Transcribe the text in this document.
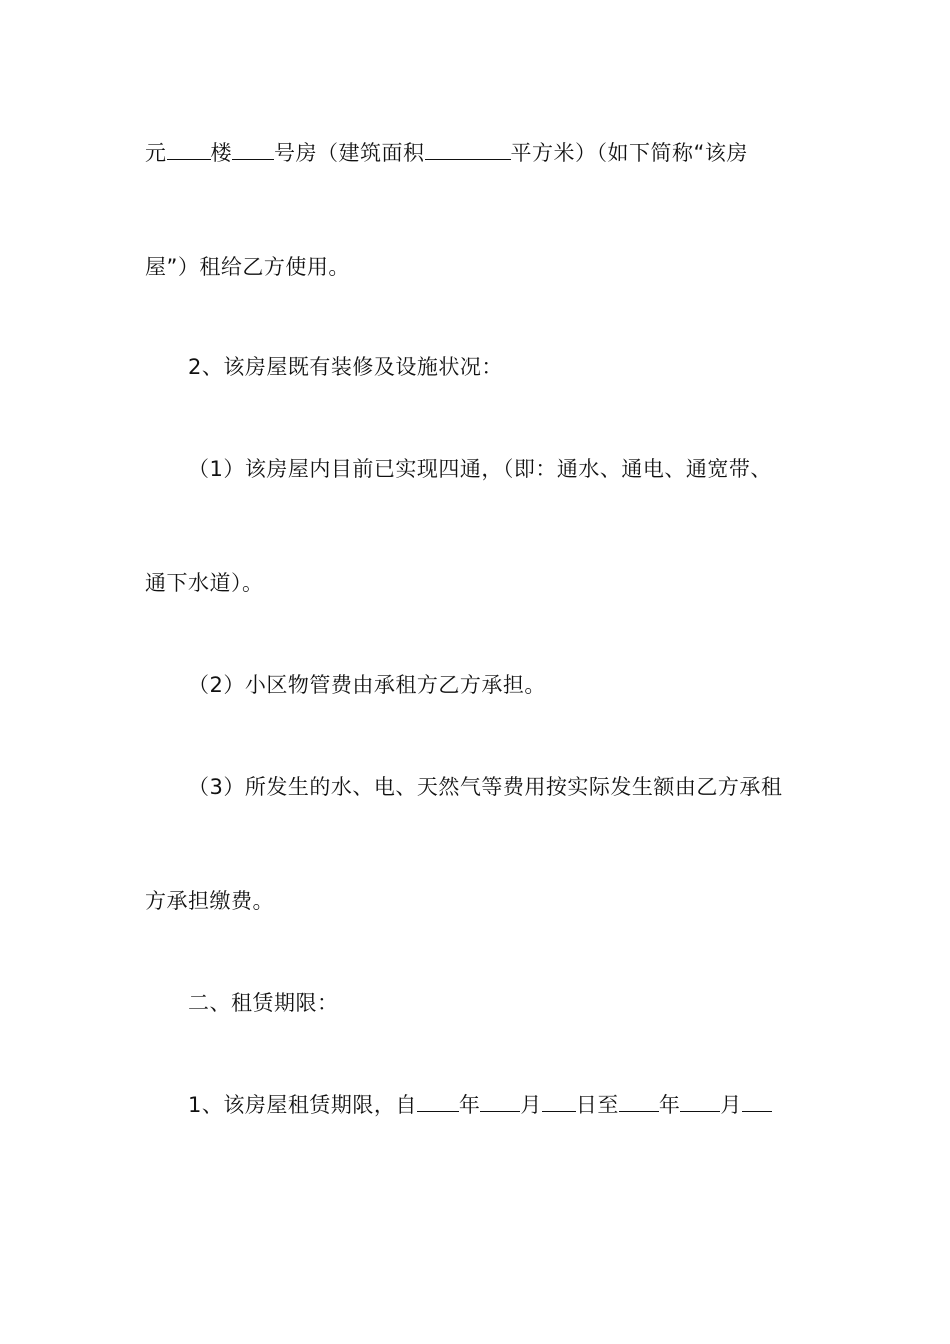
元 楼 号房（建筑面积	平方米）（如下简称“该房
屋”）租给乙方使用。
2、该房屋既有装修及设施状况：
（1）该房屋内目前已实现四通，（即：通水、通电、通宽带、
通下水道）。
（2）小区物管费由承租方乙方承担。
（3）所发生的水、电、天然气等费用按实际发生额由乙方承租
方承担缴费。
二、租赁期限：
1、该房屋租赁期限，自 年 月 日至 年 月
